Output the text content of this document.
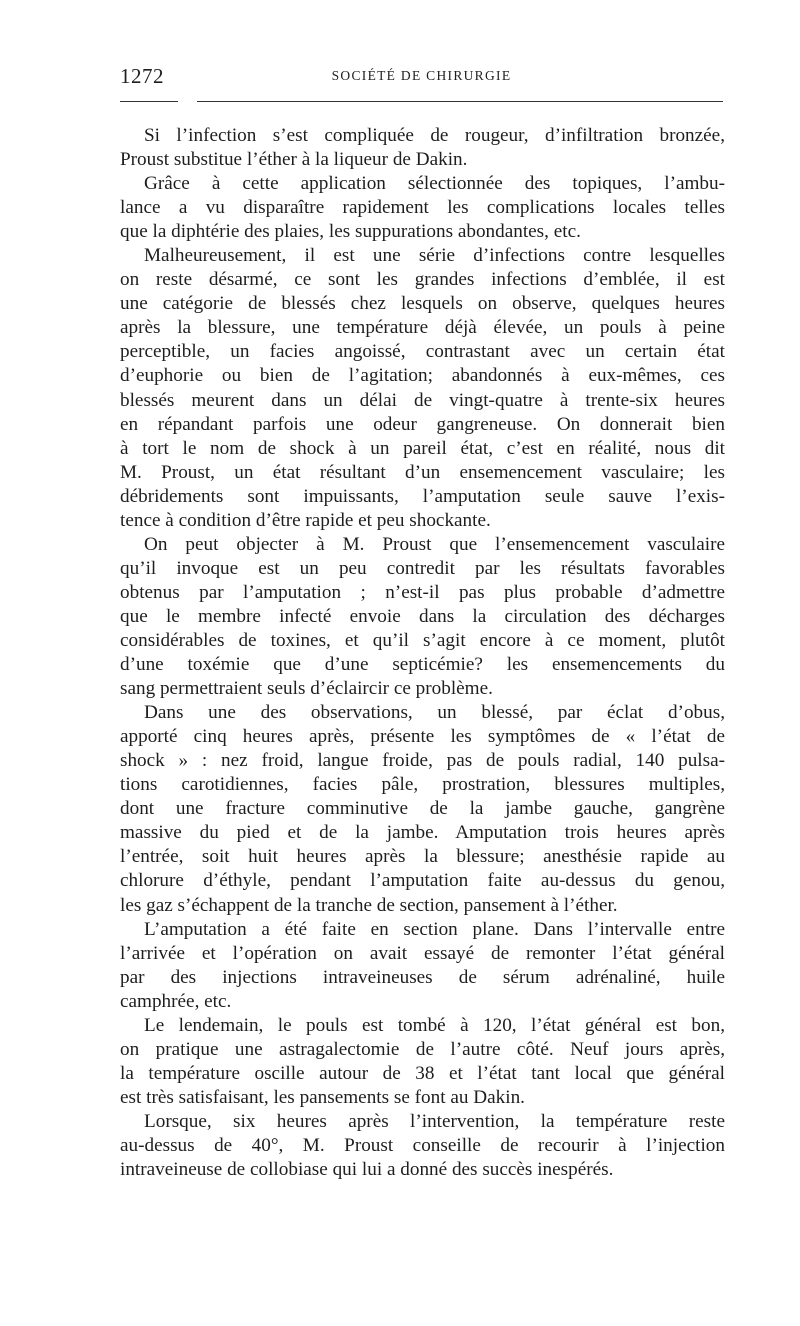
1272	SOCIÉTÉ DE CHIRURGIE

Si l’infection s’est compliquée de rougeur, d’infiltration bronzée,
Proust substitue l’éther à la liqueur de Dakin.

Grâce à cette application sélectionnée des topiques, l’ambu-
lance a vu disparaître rapidement les complications locales telles
que la diphtérie des plaies, les suppurations abondantes, etc.

Malheureusement, il est une série d’infections contre lesquelles
on reste désarmé, ce sont les grandes infections d’emblée, il est
une catégorie de blessés chez lesquels on observe, quelques heures
après la blessure, une température déjà élevée, un pouls à peine
perceptible, un facies angoissé, contrastant avec un certain état
d’euphorie ou bien de l’agitation; abandonnés à eux-mêmes, ces
blessés meurent dans un délai de vingt-quatre à trente-six heures
en répandant parfois une odeur gangreneuse. On donnerait bien
à tort le nom de shock à un pareil état, c’est en réalité, nous dit
M. Proust, un état résultant d’un ensemencement vasculaire; les
débridements sont impuissants, l’amputation seule sauve l’exis-
tence à condition d’être rapide et peu shockante.

On peut objecter à M. Proust que l’ensemencement vasculaire
qu’il invoque est un peu contredit par les résultats favorables
obtenus par l’amputation ; n’est-il pas plus probable d’admettre
que le membre infecté envoie dans la circulation des décharges
considérables de toxines, et qu’il s’agit encore à ce moment, plutôt
d’une toxémie que d’une septicémie? les ensemencements du
sang permettraient seuls d’éclaircir ce problème.

Dans une des observations, un blessé, par éclat d’obus,
apporté cinq heures après, présente les symptômes de « l’état de
shock » : nez froid, langue froide, pas de pouls radial, 140 pulsa-
tions carotidiennes, facies pâle, prostration, blessures multiples,
dont une fracture comminutive de la jambe gauche, gangrène
massive du pied et de la jambe. Amputation trois heures après
l’entrée, soit huit heures après la blessure; anesthésie rapide au
chlorure d’éthyle, pendant l’amputation faite au-dessus du genou,
les gaz s’échappent de la tranche de section, pansement à l’éther.

L’amputation a été faite en section plane. Dans l’intervalle entre
l’arrivée et l’opération on avait essayé de remonter l’état général
par des injections intraveineuses de sérum adrénaliné, huile
camphrée, etc.

Le lendemain, le pouls est tombé à 120, l’état général est bon,
on pratique une astragalectomie de l’autre côté. Neuf jours après,
la température oscille autour de 38 et l’état tant local que général
est très satisfaisant, les pansements se font au Dakin.

Lorsque, six heures après l’intervention, la température reste
au-dessus de 40°, M. Proust conseille de recourir à l’injection
intraveineuse de collobiase qui lui a donné des succès inespérés.
